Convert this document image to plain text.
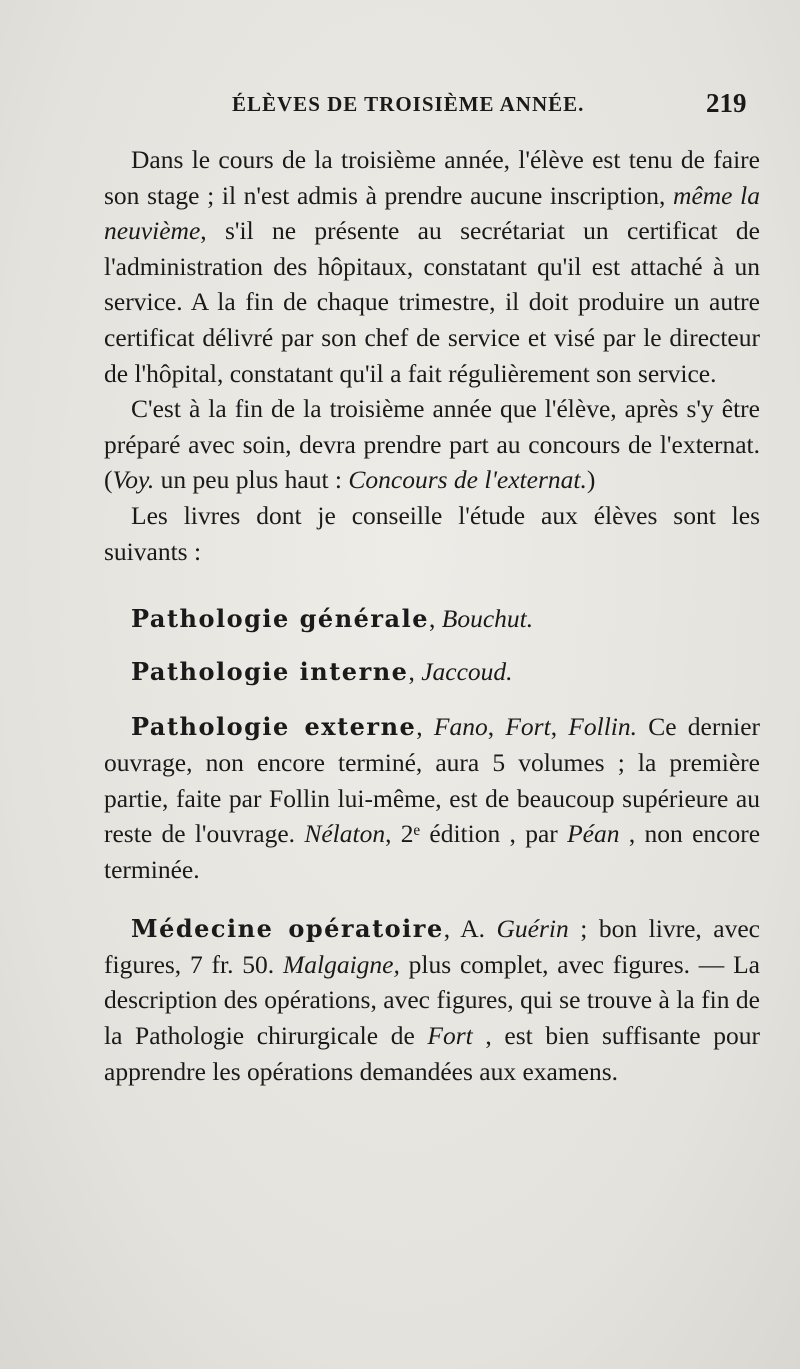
ÉLÈVES DE TROISIÈME ANNÉE.	219

Dans le cours de la troisième année, l'élève est tenu de faire son stage ; il n'est admis à prendre aucune inscription, même la neuvième, s'il ne présente au secrétariat un certificat de l'administration des hôpitaux, constatant qu'il est attaché à un service. A la fin de chaque trimestre, il doit produire un autre certificat délivré par son chef de service et visé par le directeur de l'hôpital, constatant qu'il a fait régulièrement son service.

C'est à la fin de la troisième année que l'élève, après s'y être préparé avec soin, devra prendre part au concours de l'externat. (Voy. un peu plus haut : Concours de l'externat.)

Les livres dont je conseille l'étude aux élèves sont les suivants :

Pathologie générale, Bouchut.

Pathologie interne, Jaccoud.

Pathologie externe, Fano, Fort, Follin. Ce dernier ouvrage, non encore terminé, aura 5 volumes ; la première partie, faite par Follin lui-même, est de beaucoup supérieure au reste de l'ouvrage. Nélaton, 2ᵉ édition , par Péan , non encore terminée.

Médecine opératoire, A. Guérin ; bon livre, avec figures, 7 fr. 50. Malgaigne, plus complet, avec figures. — La description des opérations, avec figures, qui se trouve à la fin de la Pathologie chirurgicale de Fort , est bien suffisante pour apprendre les opérations demandées aux examens.
